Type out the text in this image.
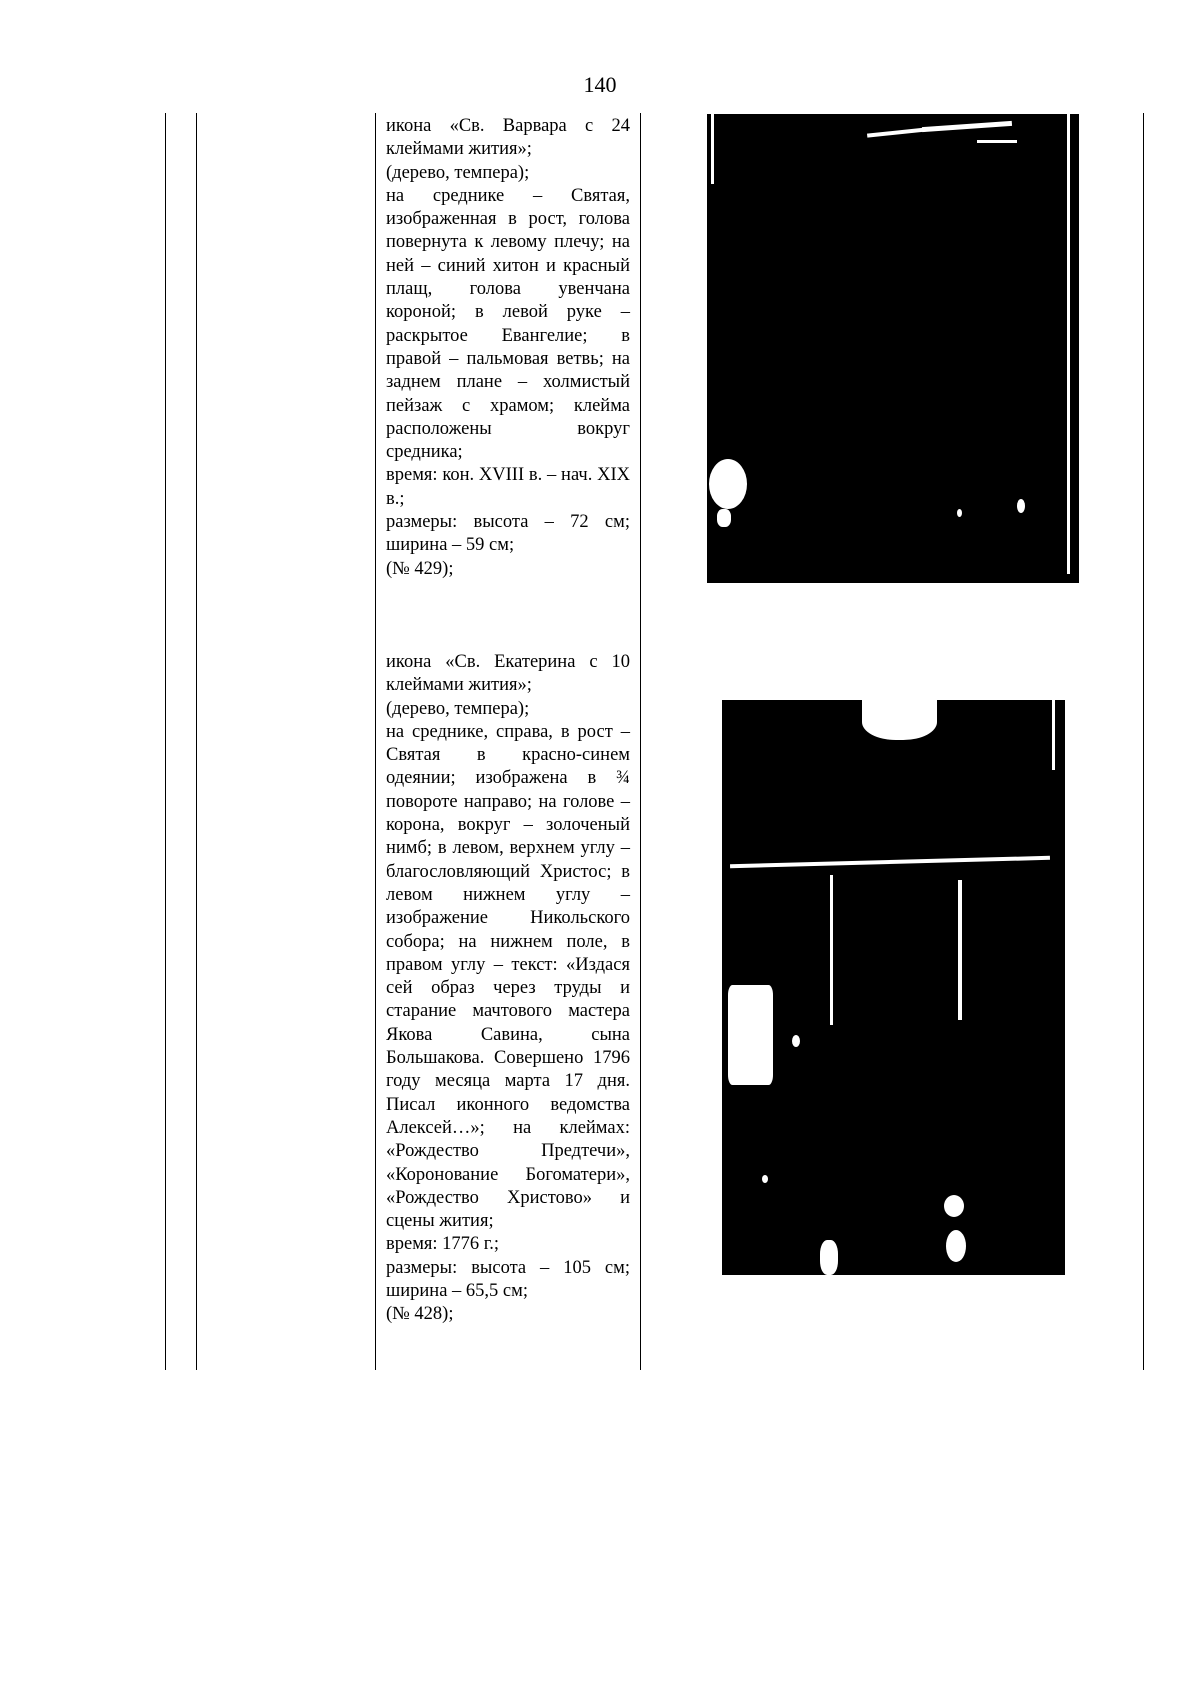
140

икона «Св. Варвара с 24 клеймами жития»;

(дерево, темпера);

на среднике – Святая, изображенная в рост, голова повернута к левому плечу; на ней – синий хитон и красный плащ, голова увенчана короной; в левой руке – раскрытое Евангелие; в правой – пальмовая ветвь; на заднем плане – холмистый пейзаж с храмом; клейма расположены вокруг средника;

время: кон. XVIII в. – нач. XIX в.;

размеры: высота – 72 см; ширина – 59 см;

(№ 429);

икона «Св. Екатерина с 10 клеймами жития»;

(дерево, темпера);

на среднике, справа, в рост – Святая в красно-синем одеянии; изображена в ¾ повороте направо; на голове – корона, вокруг – золоченый нимб; в левом, верхнем углу – благословляющий Христос; в левом нижнем углу – изображение Никольского собора; на нижнем поле, в правом углу – текст: «Издася сей образ через труды и старание мачтового мастера Якова Савина, сына Большакова. Совершено 1796 году месяца марта 17 дня. Писал иконного ведомства Алексей…»; на клеймах: «Рождество Предтечи», «Коронование Богоматери», «Рождество Христово» и сцены жития;

время: 1776 г.;

размеры: высота – 105 см; ширина – 65,5 см;

(№ 428);
